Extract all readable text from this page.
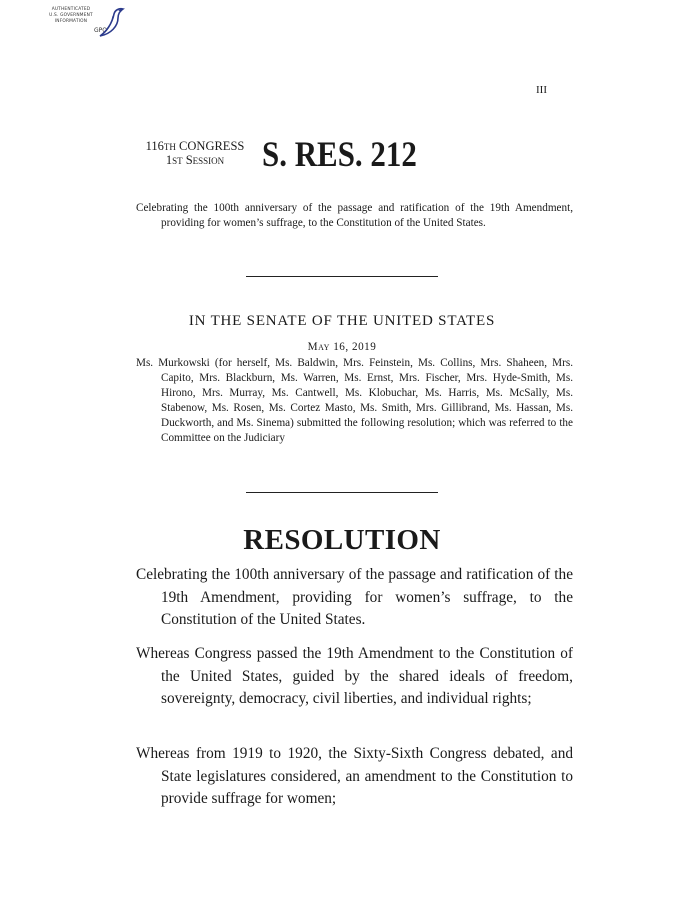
AUTHENTICATED
U.S. GOVERNMENT
INFORMATION
GPO
III
116th CONGRESS
1st Session	S. RES. 212
Celebrating the 100th anniversary of the passage and ratification of the 19th Amendment, providing for women’s suffrage, to the Constitution of the United States.
IN THE SENATE OF THE UNITED STATES
May 16, 2019
Ms. Murkowski (for herself, Ms. Baldwin, Mrs. Feinstein, Ms. Collins, Mrs. Shaheen, Mrs. Capito, Mrs. Blackburn, Ms. Warren, Ms. Ernst, Mrs. Fischer, Mrs. Hyde-Smith, Ms. Hirono, Mrs. Murray, Ms. Cantwell, Ms. Klobuchar, Ms. Harris, Ms. McSally, Ms. Stabenow, Ms. Rosen, Ms. Cortez Masto, Ms. Smith, Mrs. Gillibrand, Ms. Hassan, Ms. Duckworth, and Ms. Sinema) submitted the following resolution; which was referred to the Committee on the Judiciary
RESOLUTION
Celebrating the 100th anniversary of the passage and ratification of the 19th Amendment, providing for women’s suffrage, to the Constitution of the United States.
Whereas Congress passed the 19th Amendment to the Constitution of the United States, guided by the shared ideals of freedom, sovereignty, democracy, civil liberties, and individual rights;
Whereas from 1919 to 1920, the Sixty-Sixth Congress debated, and State legislatures considered, an amendment to the Constitution to provide suffrage for women;
